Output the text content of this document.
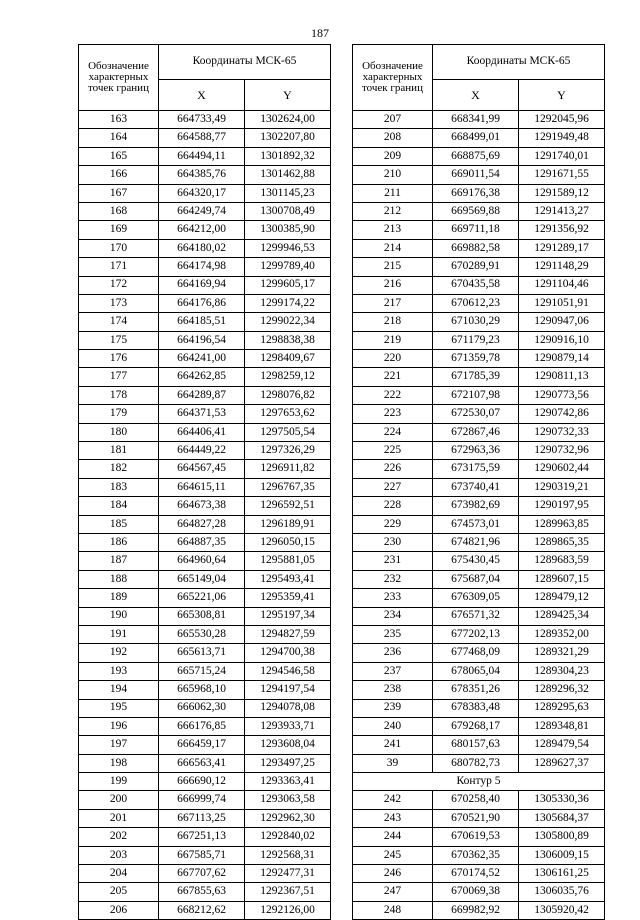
187
Обозначение характерных точек границ	Координаты МСК-65	
	X	Y
163	664733,49	1302624,00
164	664588,77	1302207,80
165	664494,11	1301892,32
166	664385,76	1301462,88
167	664320,17	1301145,23
168	664249,74	1300708,49
169	664212,00	1300385,90
170	664180,02	1299946,53
171	664174,98	1299789,40
172	664169,94	1299605,17
173	664176,86	1299174,22
174	664185,51	1299022,34
175	664196,54	1298838,38
176	664241,00	1298409,67
177	664262,85	1298259,12
178	664289,87	1298076,82
179	664371,53	1297653,62
180	664406,41	1297505,54
181	664449,22	1297326,29
182	664567,45	1296911,82
183	664615,11	1296767,35
184	664673,38	1296592,51
185	664827,28	1296189,91
186	664887,35	1296050,15
187	664960,64	1295881,05
188	665149,04	1295493,41
189	665221,06	1295359,41
190	665308,81	1295197,34
191	665530,28	1294827,59
192	665613,71	1294700,38
193	665715,24	1294546,58
194	665968,10	1294197,54
195	666062,30	1294078,08
196	666176,85	1293933,71
197	666459,17	1293608,04
198	666563,41	1293497,25
199	666690,12	1293363,41
200	666999,74	1293063,58
201	667113,25	1292962,30
202	667251,13	1292840,02
203	667585,71	1292568,31
204	667707,62	1292477,31
205	667855,63	1292367,51
206	668212,62	1292126,00
Обозначение характерных точек границ	Координаты МСК-65	
	X	Y
207	668341,99	1292045,96
208	668499,01	1291949,48
209	668875,69	1291740,01
210	669011,54	1291671,55
211	669176,38	1291589,12
212	669569,88	1291413,27
213	669711,18	1291356,92
214	669882,58	1291289,17
215	670289,91	1291148,29
216	670435,58	1291104,46
217	670612,23	1291051,91
218	671030,29	1290947,06
219	671179,23	1290916,10
220	671359,78	1290879,14
221	671785,39	1290811,13
222	672107,98	1290773,56
223	672530,07	1290742,86
224	672867,46	1290732,33
225	672963,36	1290732,96
226	673175,59	1290602,44
227	673740,41	1290319,21
228	673982,69	1290197,95
229	674573,01	1289963,85
230	674821,96	1289865,35
231	675430,45	1289683,59
232	675687,04	1289607,15
233	676309,05	1289479,12
234	676571,32	1289425,34
235	677202,13	1289352,00
236	677468,09	1289321,29
237	678065,04	1289304,23
238	678351,26	1289296,32
239	678383,48	1289295,63
240	679268,17	1289348,81
241	680157,63	1289479,54
39	680782,73	1289627,37
Контур 5		
242	670258,40	1305330,36
243	670521,90	1305684,37
244	670619,53	1305800,89
245	670362,35	1306009,15
246	670174,52	1306161,25
247	670069,38	1306035,76
248	669982,92	1305920,42
